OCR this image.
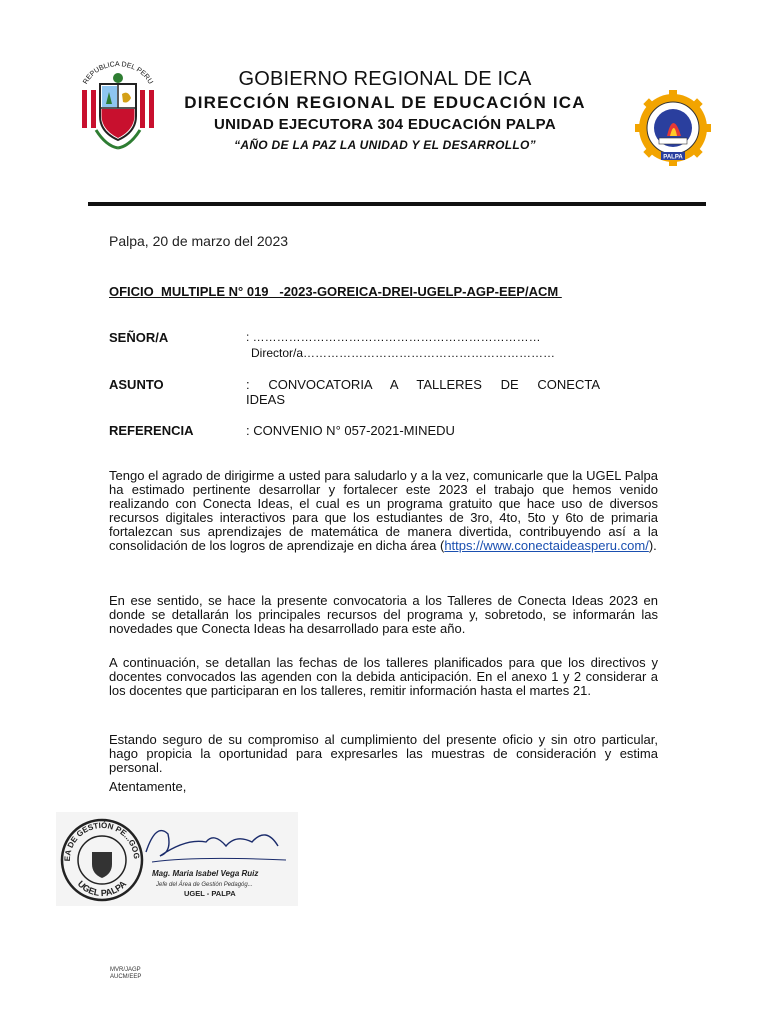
REPUBLICA DEL PERU
PALPA
GOBIERNO REGIONAL DE ICA
DIRECCIÓN REGIONAL DE EDUCACIÓN ICA
UNIDAD EJECUTORA 304 EDUCACIÓN PALPA
“AÑO DE LA PAZ LA UNIDAD Y EL DESARROLLO”
Palpa, 20 de marzo del 2023
OFICIO  MULTIPLE N° 019   -2023-GOREICA-DREI-UGELP-AGP-EEP/ACM
SEÑOR/A	: ………………………………………………………………
Director/a………………………………………………………
ASUNTO	: CONVOCATORIA A TALLERES DE CONECTA
IDEAS
REFERENCIA	: CONVENIO N° 057-2021-MINEDU
Tengo el agrado de dirigirme a usted para saludarlo y a la vez, comunicarle que la UGEL Palpa ha estimado pertinente desarrollar y fortalecer este 2023 el trabajo que hemos venido realizando con Conecta Ideas, el cual es un programa gratuito que hace uso de diversos recursos digitales interactivos para que los estudiantes de 3ro, 4to, 5to y 6to de primaria fortalezcan sus aprendizajes de matemática de manera divertida, contribuyendo así a la consolidación de los logros de aprendizaje en dicha área (https://www.conectaideasperu.com/).
En ese sentido, se hace la presente convocatoria a los Talleres de Conecta Ideas 2023 en donde se detallarán los principales recursos del programa y, sobretodo, se informarán las novedades que Conecta Ideas ha desarrollado para este año.
A continuación, se detallan las fechas de los talleres planificados para que los directivos y docentes convocados las agenden con la debida anticipación. En el anexo 1 y 2 considerar a los docentes que participaran en los talleres, remitir información hasta el martes 21.
Estando seguro de su compromiso al cumplimiento del presente oficio y sin otro particular, hago propicia la oportunidad para expresarles las muestras de consideración y estima personal.
Atentamente,
EA DE GESTIÓN PE...GOG
UGEL PALPA
Mag. Maria Isabel Vega Ruiz
Jefe del Área de Gestión Pedagóg...
UGEL - PALPA
MVR/JAGP
AUCM/EEP
